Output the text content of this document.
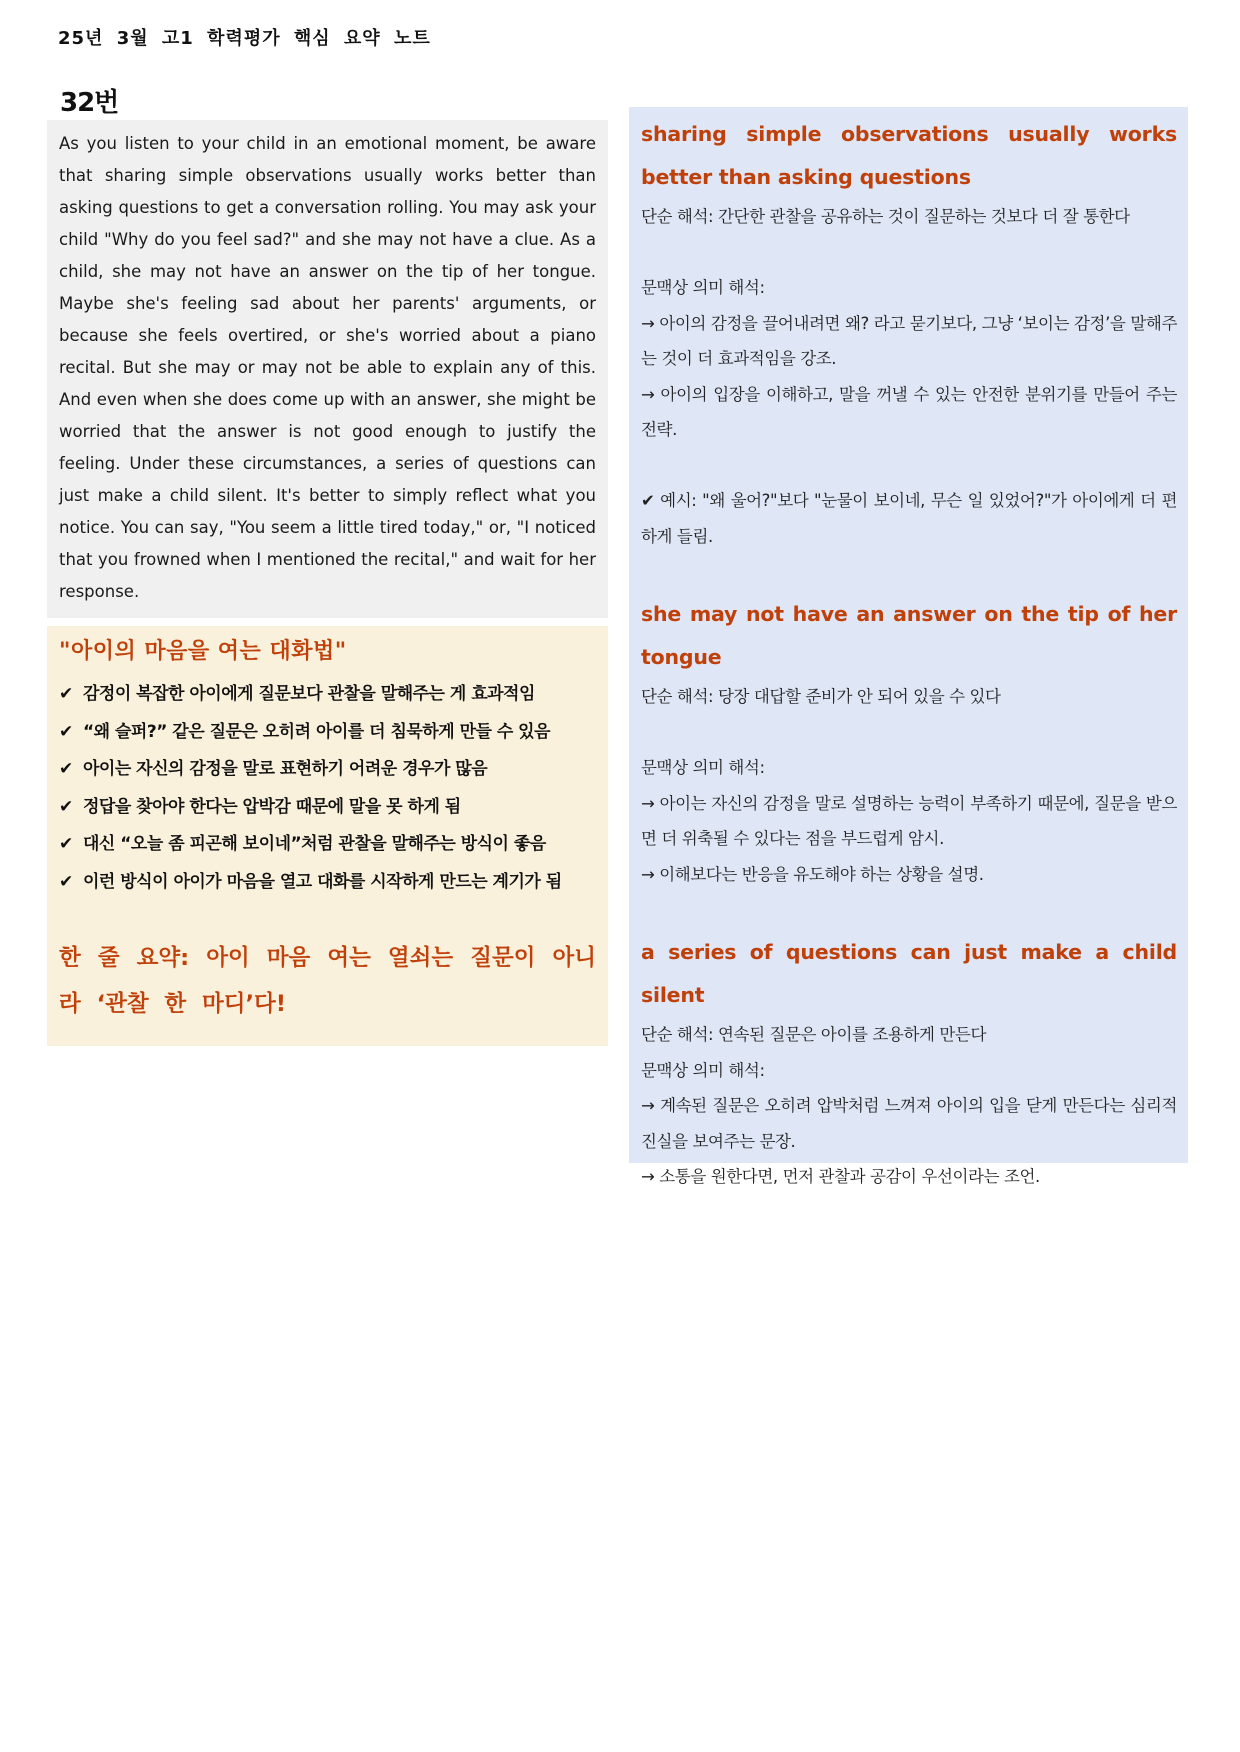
25년 3월 고1 학력평가 핵심 요약 노트
32번

As you listen to your child in an emotional moment, be aware that sharing simple observations usually works better than asking questions to get a conversation rolling. You may ask your child "Why do you feel sad?" and she may not have a clue. As a child, she may not have an answer on the tip of her tongue. Maybe she's feeling sad about her parents' arguments, or because she feels overtired, or she's worried about a piano recital. But she may or may not be able to explain any of this. And even when she does come up with an answer, she might be worried that the answer is not good enough to justify the feeling. Under these circumstances, a series of questions can just make a child silent. It's better to simply reflect what you notice. You can say, "You seem a little tired today," or, "I noticed that you frowned when I mentioned the recital," and wait for her response.

"아이의 마음을 여는 대화법"
✔ 감정이 복잡한 아이에게 질문보다 관찰을 말해주는 게 효과적임
✔ “왜 슬퍼?” 같은 질문은 오히려 아이를 더 침묵하게 만들 수 있음
✔ 아이는 자신의 감정을 말로 표현하기 어려운 경우가 많음
✔ 정답을 찾아야 한다는 압박감 때문에 말을 못 하게 됨
✔ 대신 “오늘 좀 피곤해 보이네”처럼 관찰을 말해주는 방식이 좋음
✔ 이런 방식이 아이가 마음을 열고 대화를 시작하게 만드는 계기가 됨
한 줄 요약: 아이 마음 여는 열쇠는 질문이 아니라 ‘관찰 한 마디’다!
sharing simple observations usually works better than asking questions
단순 해석: 간단한 관찰을 공유하는 것이 질문하는 것보다 더 잘 통한다
문맥상 의미 해석:
→ 아이의 감정을 끌어내려면 왜? 라고 묻기보다, 그냥 ‘보이는 감정’을 말해주는 것이 더 효과적임을 강조.
→ 아이의 입장을 이해하고, 말을 꺼낼 수 있는 안전한 분위기를 만들어 주는 전략.
✔ 예시: "왜 울어?"보다 "눈물이 보이네, 무슨 일 있었어?"가 아이에게 더 편하게 들림.
she may not have an answer on the tip of her tongue
단순 해석: 당장 대답할 준비가 안 되어 있을 수 있다
문맥상 의미 해석:
→ 아이는 자신의 감정을 말로 설명하는 능력이 부족하기 때문에, 질문을 받으면 더 위축될 수 있다는 점을 부드럽게 암시.
→ 이해보다는 반응을 유도해야 하는 상황을 설명.
a series of questions can just make a child silent
단순 해석: 연속된 질문은 아이를 조용하게 만든다
문맥상 의미 해석:
→ 계속된 질문은 오히려 압박처럼 느껴져 아이의 입을 닫게 만든다는 심리적 진실을 보여주는 문장.
→ 소통을 원한다면, 먼저 관찰과 공감이 우선이라는 조언.
